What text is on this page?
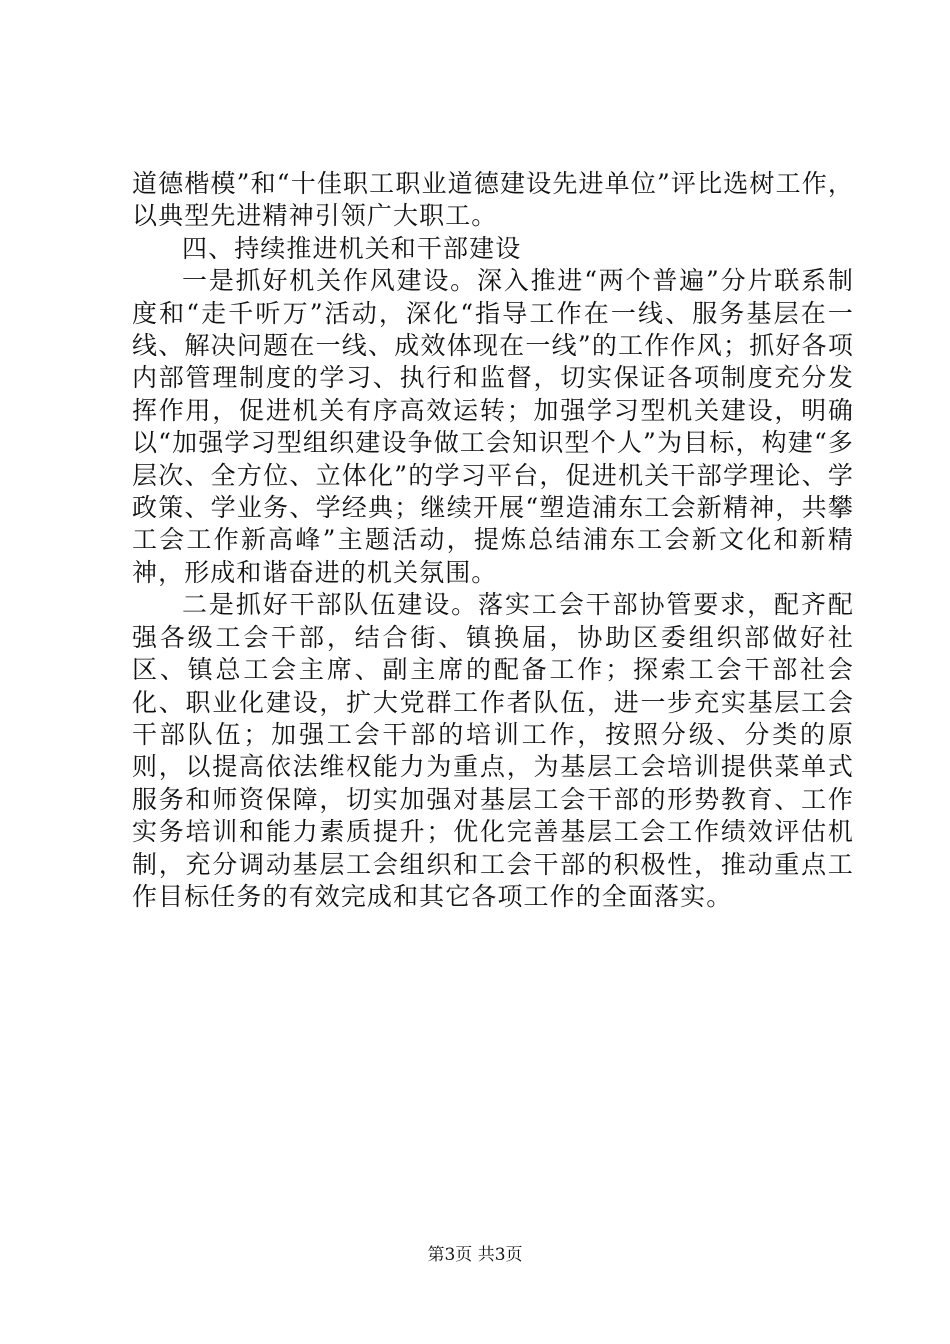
道德楷模”和“十佳职工职业道德建设先进单位”评比选树工作，以典型先进精神引领广大职工。

四、持续推进机关和干部建设

一是抓好机关作风建设。深入推进“两个普遍”分片联系制度和“走千听万”活动，深化“指导工作在一线、服务基层在一线、解决问题在一线、成效体现在一线”的工作作风；抓好各项内部管理制度的学习、执行和监督，切实保证各项制度充分发挥作用，促进机关有序高效运转；加强学习型机关建设，明确以“加强学习型组织建设争做工会知识型个人”为目标，构建“多层次、全方位、立体化”的学习平台，促进机关干部学理论、学政策、学业务、学经典；继续开展“塑造浦东工会新精神，共攀工会工作新高峰”主题活动，提炼总结浦东工会新文化和新精神，形成和谐奋进的机关氛围。

二是抓好干部队伍建设。落实工会干部协管要求，配齐配强各级工会干部，结合街、镇换届，协助区委组织部做好社区、镇总工会主席、副主席的配备工作；探索工会干部社会化、职业化建设，扩大党群工作者队伍，进一步充实基层工会干部队伍；加强工会干部的培训工作，按照分级、分类的原则，以提高依法维权能力为重点，为基层工会培训提供菜单式服务和师资保障，切实加强对基层工会干部的形势教育、工作实务培训和能力素质提升；优化完善基层工会工作绩效评估机制，充分调动基层工会组织和工会干部的积极性，推动重点工作目标任务的有效完成和其它各项工作的全面落实。

第3页 共3页
